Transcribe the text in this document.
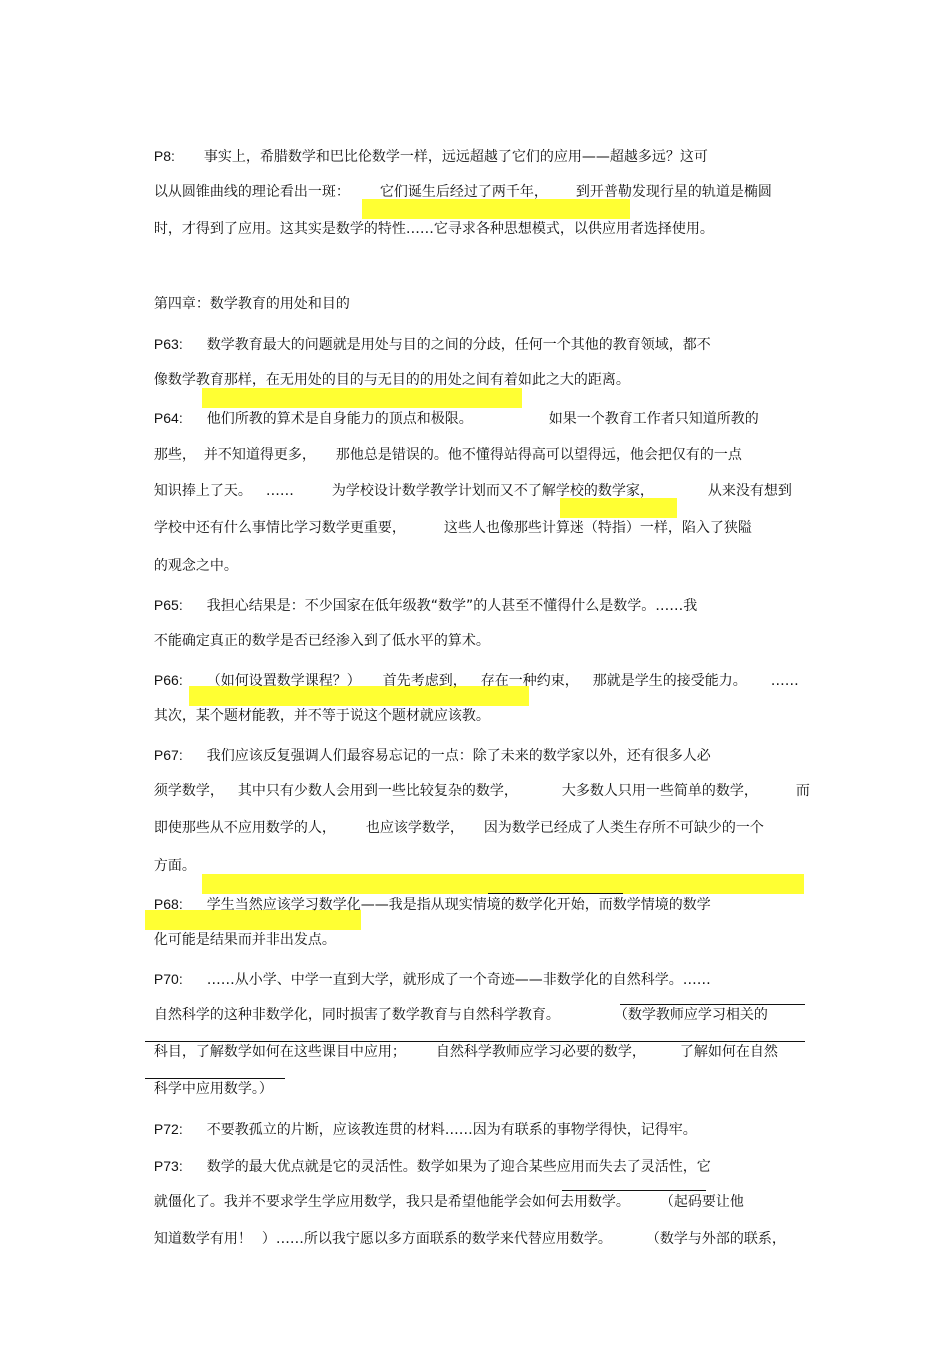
P8: 事实上，希腊数学和巴比伦数学一样，远远超越了它们的应用——超越多远？这可

以从圆锥曲线的理论看出一斑： 它们诞生后经过了两千年， 到开普勒发现行星的轨道是椭圆

时，才得到了应用。这其实是数学的特性……它寻求各种思想模式，以供应用者选择使用。

第四章：数学教育的用处和目的

P63: 数学教育最大的问题就是用处与目的之间的分歧，任何一个其他的教育领域，都不

像数学教育那样，在无用处的目的与无目的的用处之间有着如此之大的距离。

P64: 他们所教的算术是自身能力的顶点和极限。	如果一个教育工作者只知道所教的

那些， 并不知道得更多， 那他总是错误的。他不懂得站得高可以望得远，他会把仅有的一点

知识捧上了天。 ……	为学校设计数学教学计划而又不了解学校的数学家，	从来没有想到

学校中还有什么事情比学习数学更重要，	这些人也像那些计算迷（特指）一样，陷入了狭隘

的观念之中。

P65: 我担心结果是：不少国家在低年级教“数学”的人甚至不懂得什么是数学。……我

不能确定真正的数学是否已经渗入到了低水平的算术。

P66: （如何设置数学课程？） 首先考虑到， 存在一种约束， 那就是学生的接受能力。 ……

其次，某个题材能教，并不等于说这个题材就应该教。

P67: 我们应该反复强调人们最容易忘记的一点：除了未来的数学家以外，还有很多人必

须学数学， 其中只有少数人会用到一些比较复杂的数学，	大多数人只用一些简单的数学，	而

即使那些从不应用数学的人， 也应该学数学， 因为数学已经成了人类生存所不可缺少的一个

方面。

P68: 学生当然应该学习数学化——我是指从现实情境的数学化开始，而数学情境的数学

化可能是结果而并非出发点。

P70: ……从小学、中学一直到大学，就形成了一个奇迹——非数学化的自然科学。……

自然科学的这种非数学化，同时损害了数学教育与自然科学教育。	（数学教师应学习相关的

科目，了解数学如何在这些课目中应用； 自然科学教师应学习必要的数学， 了解如何在自然

科学中应用数学。）

P72: 不要教孤立的片断，应该教连贯的材料……因为有联系的事物学得快，记得牢。

P73: 数学的最大优点就是它的灵活性。数学如果为了迎合某些应用而失去了灵活性，它

就僵化了。我并不要求学生学应用数学，我只是希望他能学会如何去用数学。 （起码要让他

知道数学有用！ ）……所以我宁愿以多方面联系的数学来代替应用数学。 （数学与外部的联系，
